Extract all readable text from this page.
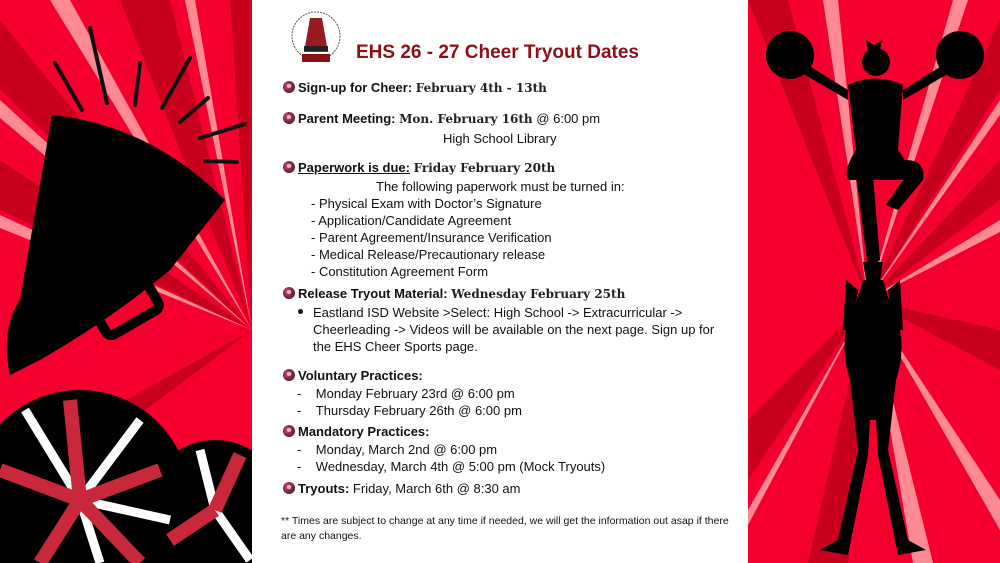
EHS 26 - 27 Cheer Tryout Dates
Sign-up for Cheer: February 4th - 13th
Parent Meeting: Mon. February 16th @ 6:00 pm
High School Library
Paperwork is due: Friday February 20th
The following paperwork must be turned in:
- Physical Exam with Doctor’s Signature
- Application/Candidate Agreement
- Parent Agreement/Insurance Verification
- Medical Release/Precautionary release
- Constitution Agreement Form
Release Tryout Material: Wednesday February 25th
Eastland ISD Website >Select: High School -> Extracurricular ->
Cheerleading -> Videos will be available on the next page. Sign up for
the EHS Cheer Sports page.
Voluntary Practices:
- Monday February 23rd @ 6:00 pm
- Thursday February 26th @ 6:00 pm
Mandatory Practices:
- Monday, March 2nd @ 6:00 pm
- Wednesday, March 4th @ 5:00 pm (Mock Tryouts)
Tryouts: Friday, March 6th @ 8:30 am
** Times are subject to change at any time if needed, we will get the information out asap if there are any changes.
